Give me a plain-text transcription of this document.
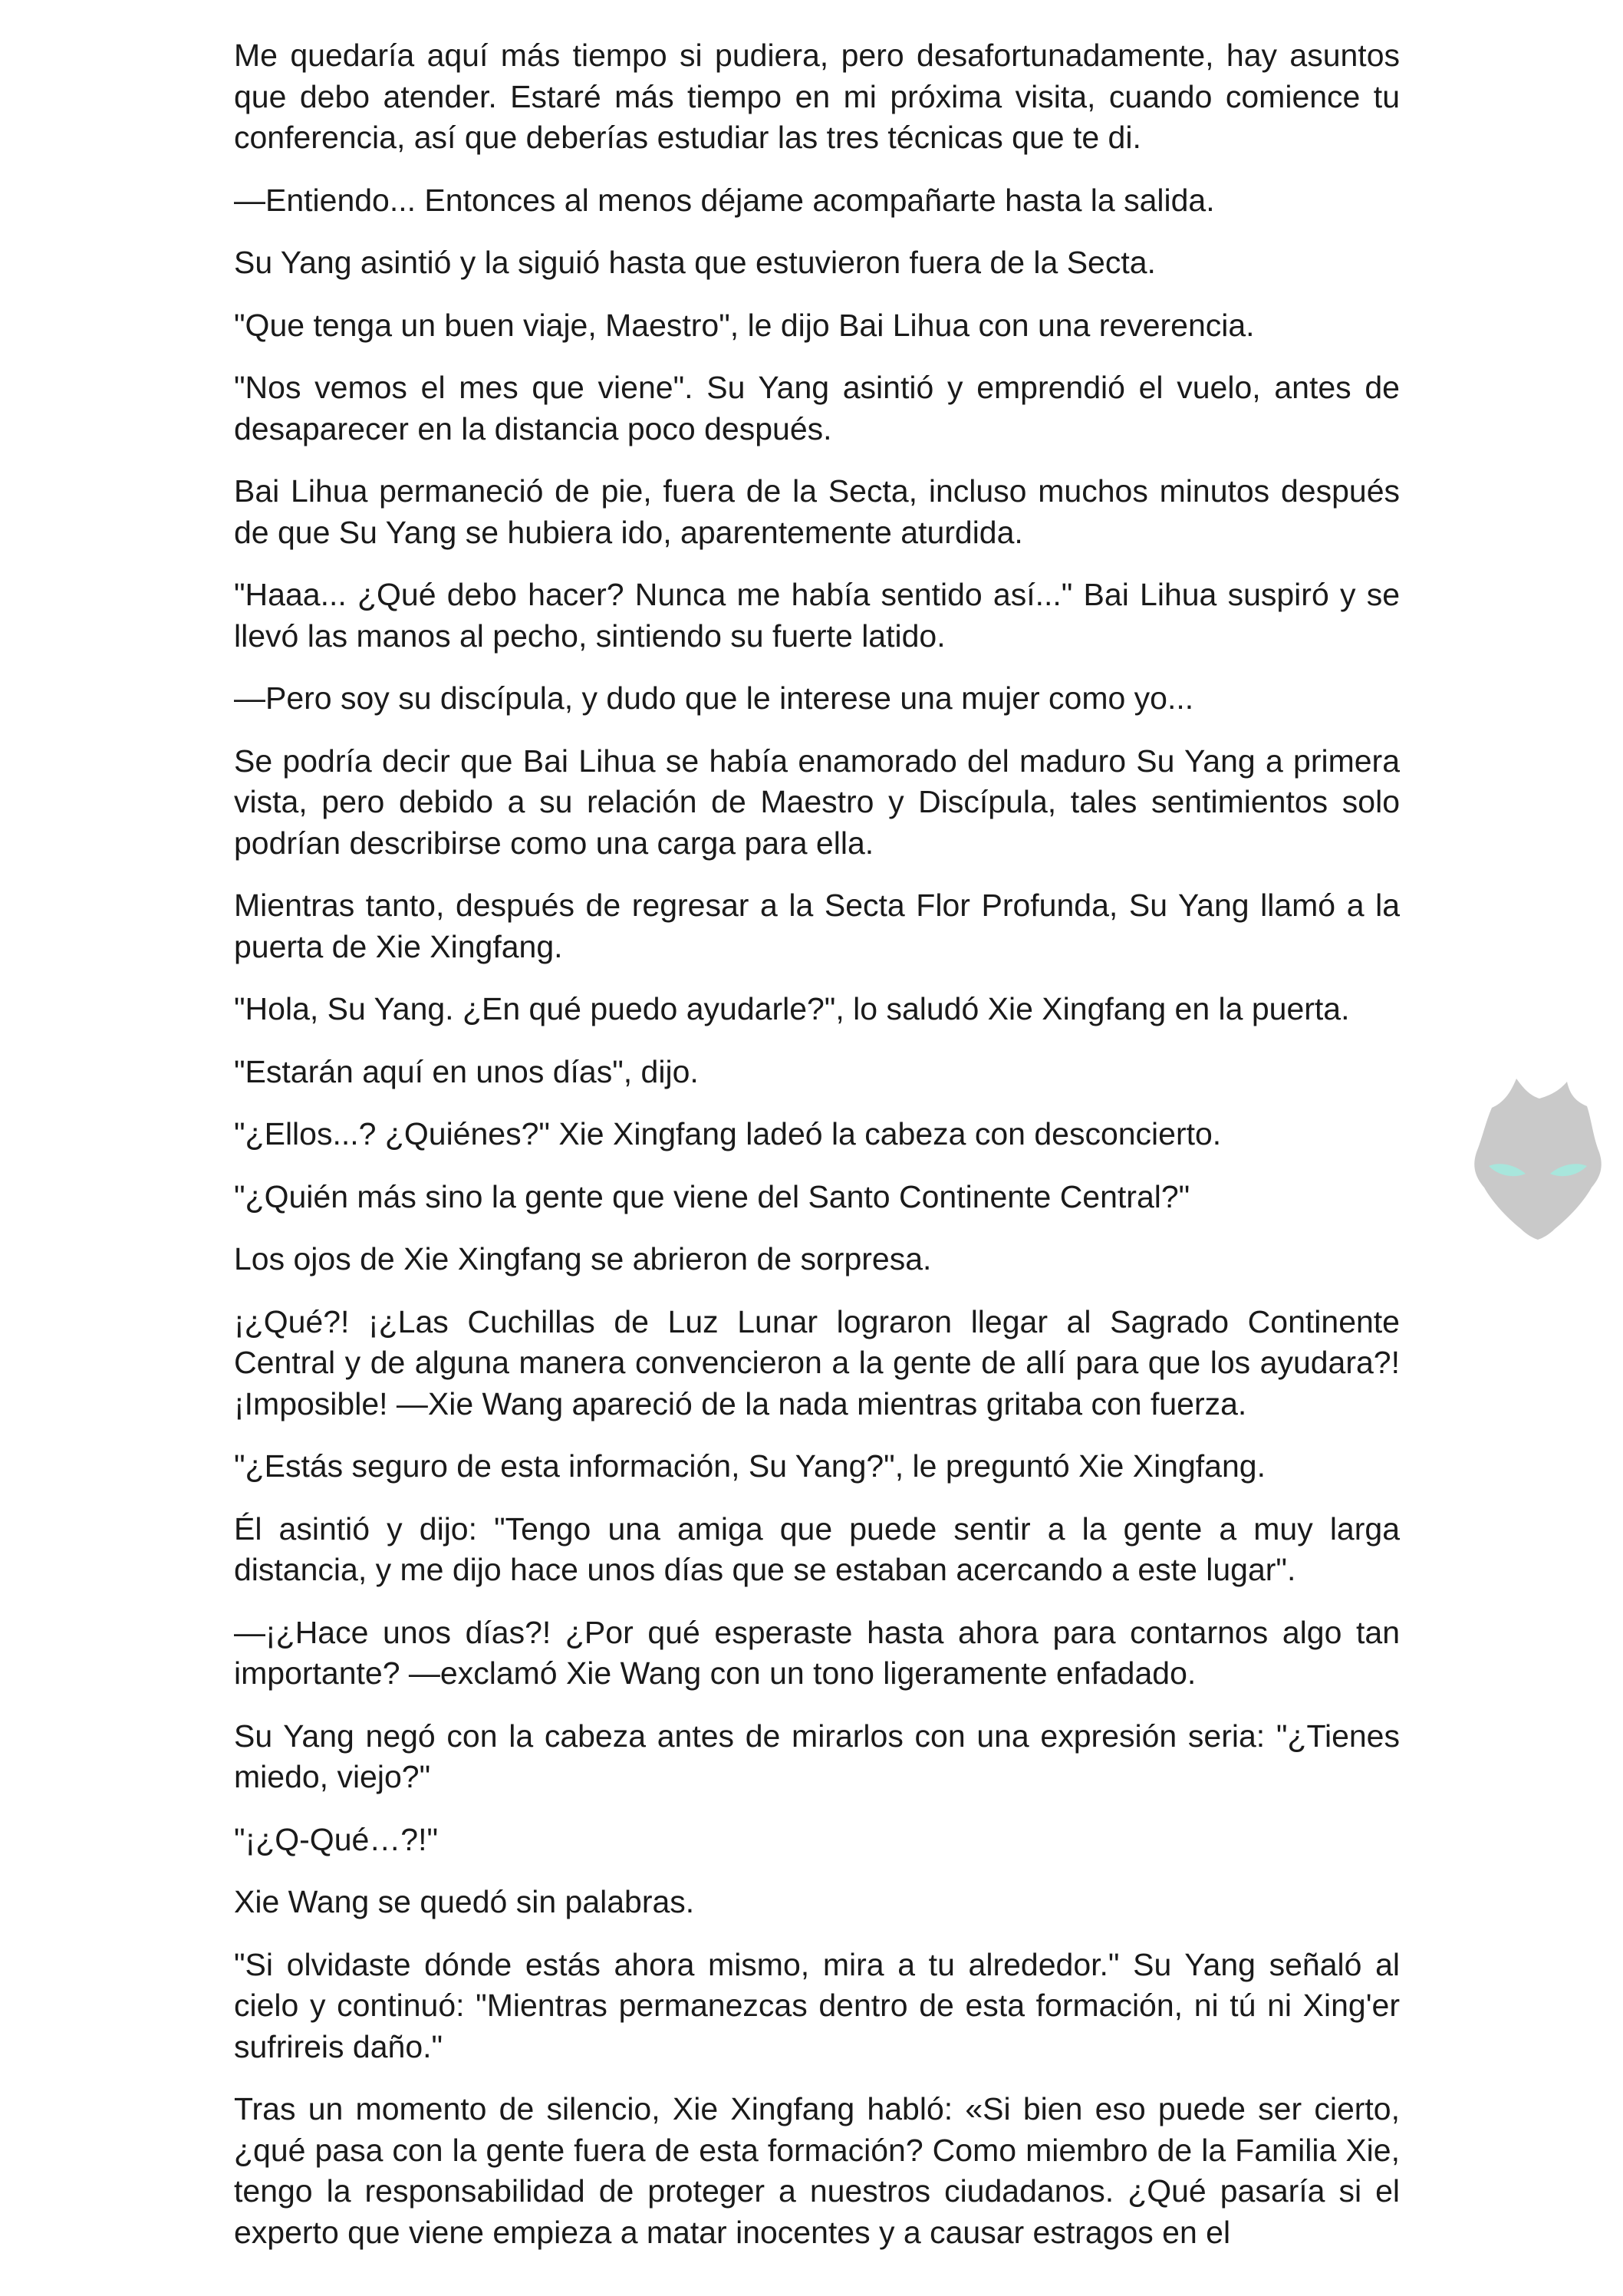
Me quedaría aquí más tiempo si pudiera, pero desafortunadamente, hay asuntos que debo atender. Estaré más tiempo en mi próxima visita, cuando comience tu conferencia, así que deberías estudiar las tres técnicas que te di.

—Entiendo... Entonces al menos déjame acompañarte hasta la salida.

Su Yang asintió y la siguió hasta que estuvieron fuera de la Secta.

"Que tenga un buen viaje, Maestro", le dijo Bai Lihua con una reverencia.

"Nos vemos el mes que viene". Su Yang asintió y emprendió el vuelo, antes de desaparecer en la distancia poco después.

Bai Lihua permaneció de pie, fuera de la Secta, incluso muchos minutos después de que Su Yang se hubiera ido, aparentemente aturdida.

"Haaa... ¿Qué debo hacer? Nunca me había sentido así..." Bai Lihua suspiró y se llevó las manos al pecho, sintiendo su fuerte latido.

—Pero soy su discípula, y dudo que le interese una mujer como yo...

Se podría decir que Bai Lihua se había enamorado del maduro Su Yang a primera vista, pero debido a su relación de Maestro y Discípula, tales sentimientos solo podrían describirse como una carga para ella.

Mientras tanto, después de regresar a la Secta Flor Profunda, Su Yang llamó a la puerta de Xie Xingfang.

"Hola, Su Yang. ¿En qué puedo ayudarle?", lo saludó Xie Xingfang en la puerta.

"Estarán aquí en unos días", dijo.

"¿Ellos...? ¿Quiénes?" Xie Xingfang ladeó la cabeza con desconcierto.

"¿Quién más sino la gente que viene del Santo Continente Central?"

Los ojos de Xie Xingfang se abrieron de sorpresa.

¡¿Qué?! ¡¿Las Cuchillas de Luz Lunar lograron llegar al Sagrado Continente Central y de alguna manera convencieron a la gente de allí para que los ayudara?! ¡Imposible! —Xie Wang apareció de la nada mientras gritaba con fuerza.

"¿Estás seguro de esta información, Su Yang?", le preguntó Xie Xingfang.

Él asintió y dijo: "Tengo una amiga que puede sentir a la gente a muy larga distancia, y me dijo hace unos días que se estaban acercando a este lugar".

—¡¿Hace unos días?! ¿Por qué esperaste hasta ahora para contarnos algo tan importante? —exclamó Xie Wang con un tono ligeramente enfadado.

Su Yang negó con la cabeza antes de mirarlos con una expresión seria: "¿Tienes miedo, viejo?"

"¡¿Q-Qué…?!"

Xie Wang se quedó sin palabras.

"Si olvidaste dónde estás ahora mismo, mira a tu alrededor." Su Yang señaló al cielo y continuó: "Mientras permanezcas dentro de esta formación, ni tú ni Xing'er sufrireis daño."

Tras un momento de silencio, Xie Xingfang habló: «Si bien eso puede ser cierto, ¿qué pasa con la gente fuera de esta formación? Como miembro de la Familia Xie, tengo la responsabilidad de proteger a nuestros ciudadanos. ¿Qué pasaría si el experto que viene empieza a matar inocentes y a causar estragos en el
